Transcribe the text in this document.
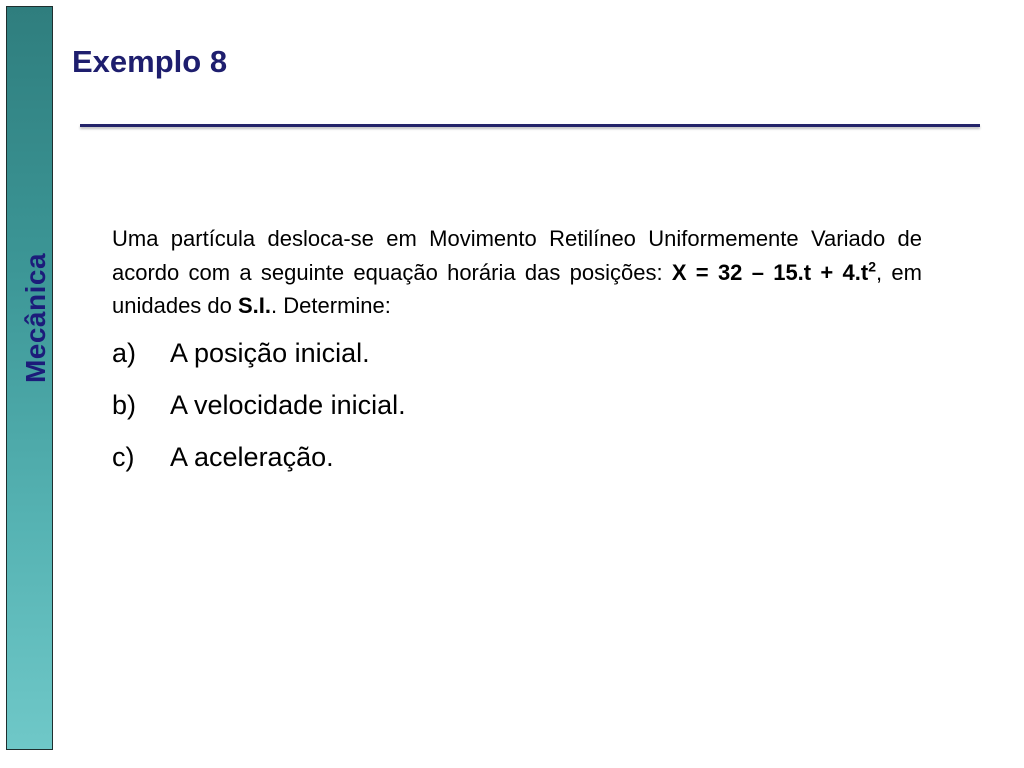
Mecânica
Exemplo 8

Uma partícula desloca-se em Movimento Retilíneo Uniformemente Variado de acordo com a seguinte equação horária das posições: $X = 32 - 15.t + 4.t^2$, em unidades do S.I.. Determine:

a)	A posição inicial.
b)	A velocidade inicial.
c)	A aceleração.
